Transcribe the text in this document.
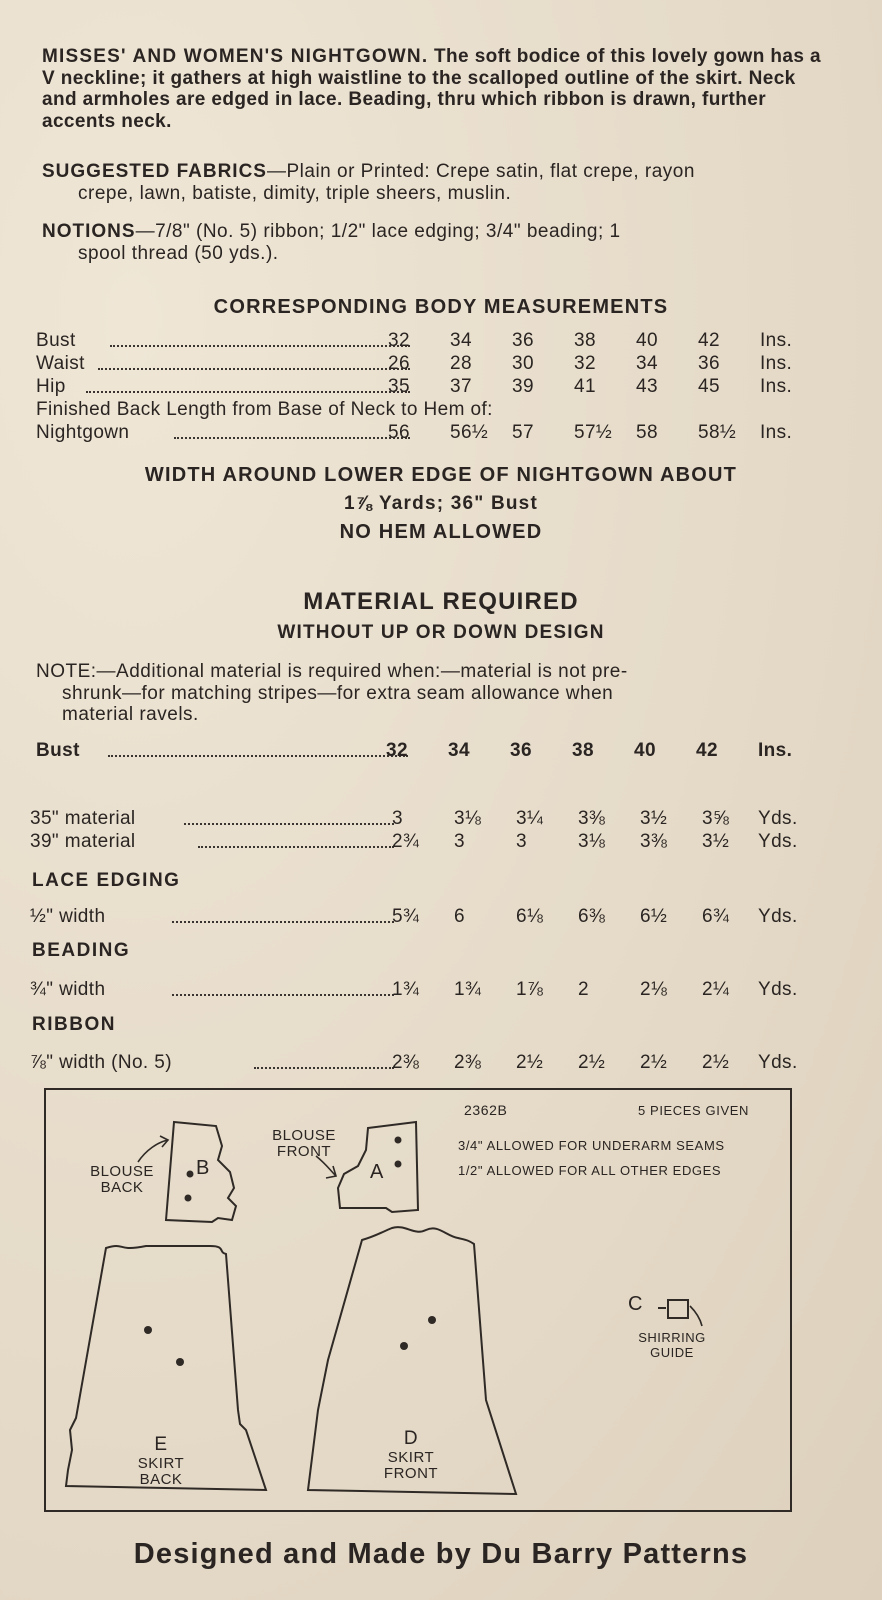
MISSES' AND WOMEN'S NIGHTGOWN. The soft bodice of this lovely gown has a V neckline; it gathers at high waistline to the scalloped outline of the skirt. Neck and armholes are edged in lace. Beading, thru which ribbon is drawn, further accents neck.
SUGGESTED FABRICS—Plain or Printed: Crepe satin, flat crepe, rayon
crepe, lawn, batiste, dimity, triple sheers, muslin.
NOTIONS—7/8" (No. 5) ribbon; 1/2" lace edging; 3/4" beading; 1
spool thread (50 yds.).
CORRESPONDING BODY MEASUREMENTS
Bust	32	34	36	38	40	42	Ins.
Waist	26	28	30	32	34	36	Ins.
Hip	35	37	39	41	43	45	Ins.
Finished Back Length from Base of Neck to Hem of:
Nightgown	56	56½	57	57½	58	58½	Ins.
WIDTH AROUND LOWER EDGE OF NIGHTGOWN ABOUT
1⅞ Yards; 36" Bust
NO HEM ALLOWED
MATERIAL REQUIRED
WITHOUT UP OR DOWN DESIGN
NOTE:—Additional material is required when:—material is not pre-
shrunk—for matching stripes—for extra seam allowance when
material ravels.
Bust	32	34	36	38	40	42	Ins.
35" material	3	3⅛	3¼	3⅜	3½	3⅝	Yds.
39" material	2¾	3	3	3⅛	3⅜	3½	Yds.
LACE EDGING
½" width	5¾	6	6⅛	6⅜	6½	6¾	Yds.
BEADING
¾" width	1¾	1¾	1⅞	2	2⅛	2¼	Yds.
RIBBON
⅞" width (No. 5)	2⅜	2⅜	2½	2½	2½	2½	Yds.
2362B	5 PIECES GIVEN
3/4" ALLOWED FOR UNDERARM SEAMS
1/2" ALLOWED FOR ALL OTHER EDGES
B
BLOUSE
BACK
A
BLOUSE
FRONT
C
SHIRRING
GUIDE
E
SKIRT
BACK
D
SKIRT
FRONT
Designed and Made by Du Barry Patterns
